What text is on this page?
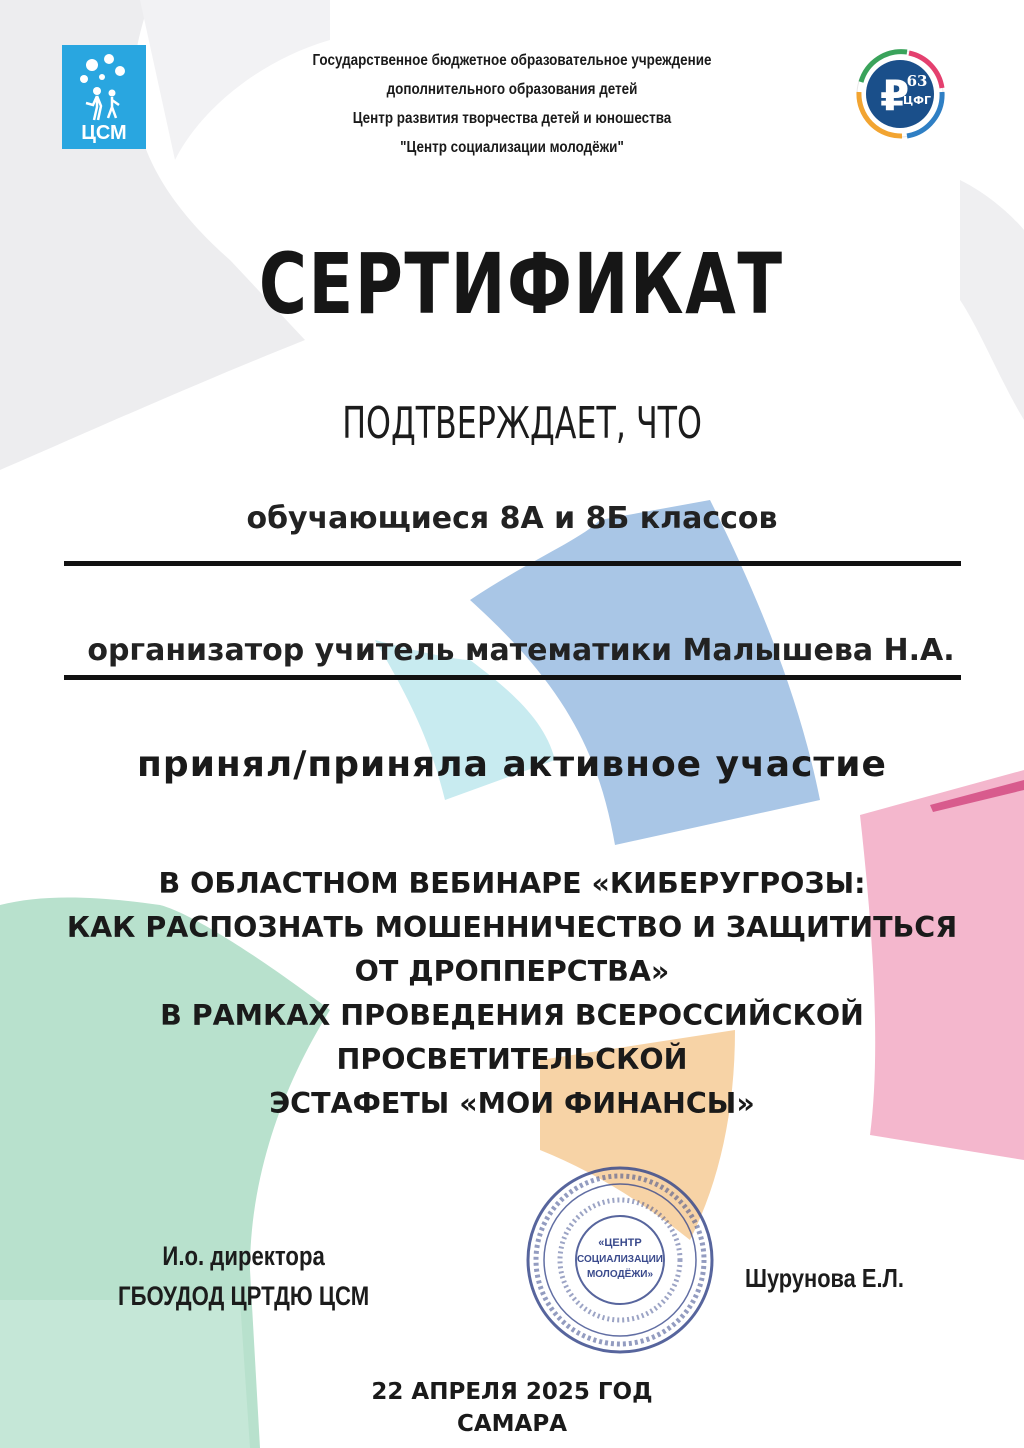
ЦСМ
₽
63
ЦФГ
Государственное бюджетное образовательное учреждение
дополнительного образования детей
Центр развития творчества детей и юношества
"Центр социализации молодёжи"
СЕРТИФИКАТ
ПОДТВЕРЖДАЕТ, ЧТО
обучающиеся 8А и 8Б классов
организатор учитель математики Малышева Н.А.
принял/приняла активное участие
В ОБЛАСТНОМ ВЕБИНАРЕ «КИБЕРУГРОЗЫ:
КАК РАСПОЗНАТЬ МОШЕННИЧЕСТВО И ЗАЩИТИТЬСЯ
ОТ ДРОППЕРСТВА»
В РАМКАХ ПРОВЕДЕНИЯ ВСЕРОССИЙСКОЙ
ПРОСВЕТИТЕЛЬСКОЙ
ЭСТАФЕТЫ «МОИ ФИНАНСЫ»
«ЦЕНТР
СОЦИАЛИЗАЦИИ
МОЛОДЁЖИ»
И.о. директора
ГБОУДОД ЦРТДЮ ЦСМ
Шурунова Е.Л.
22 АПРЕЛЯ 2025 ГОД
САМАРА
